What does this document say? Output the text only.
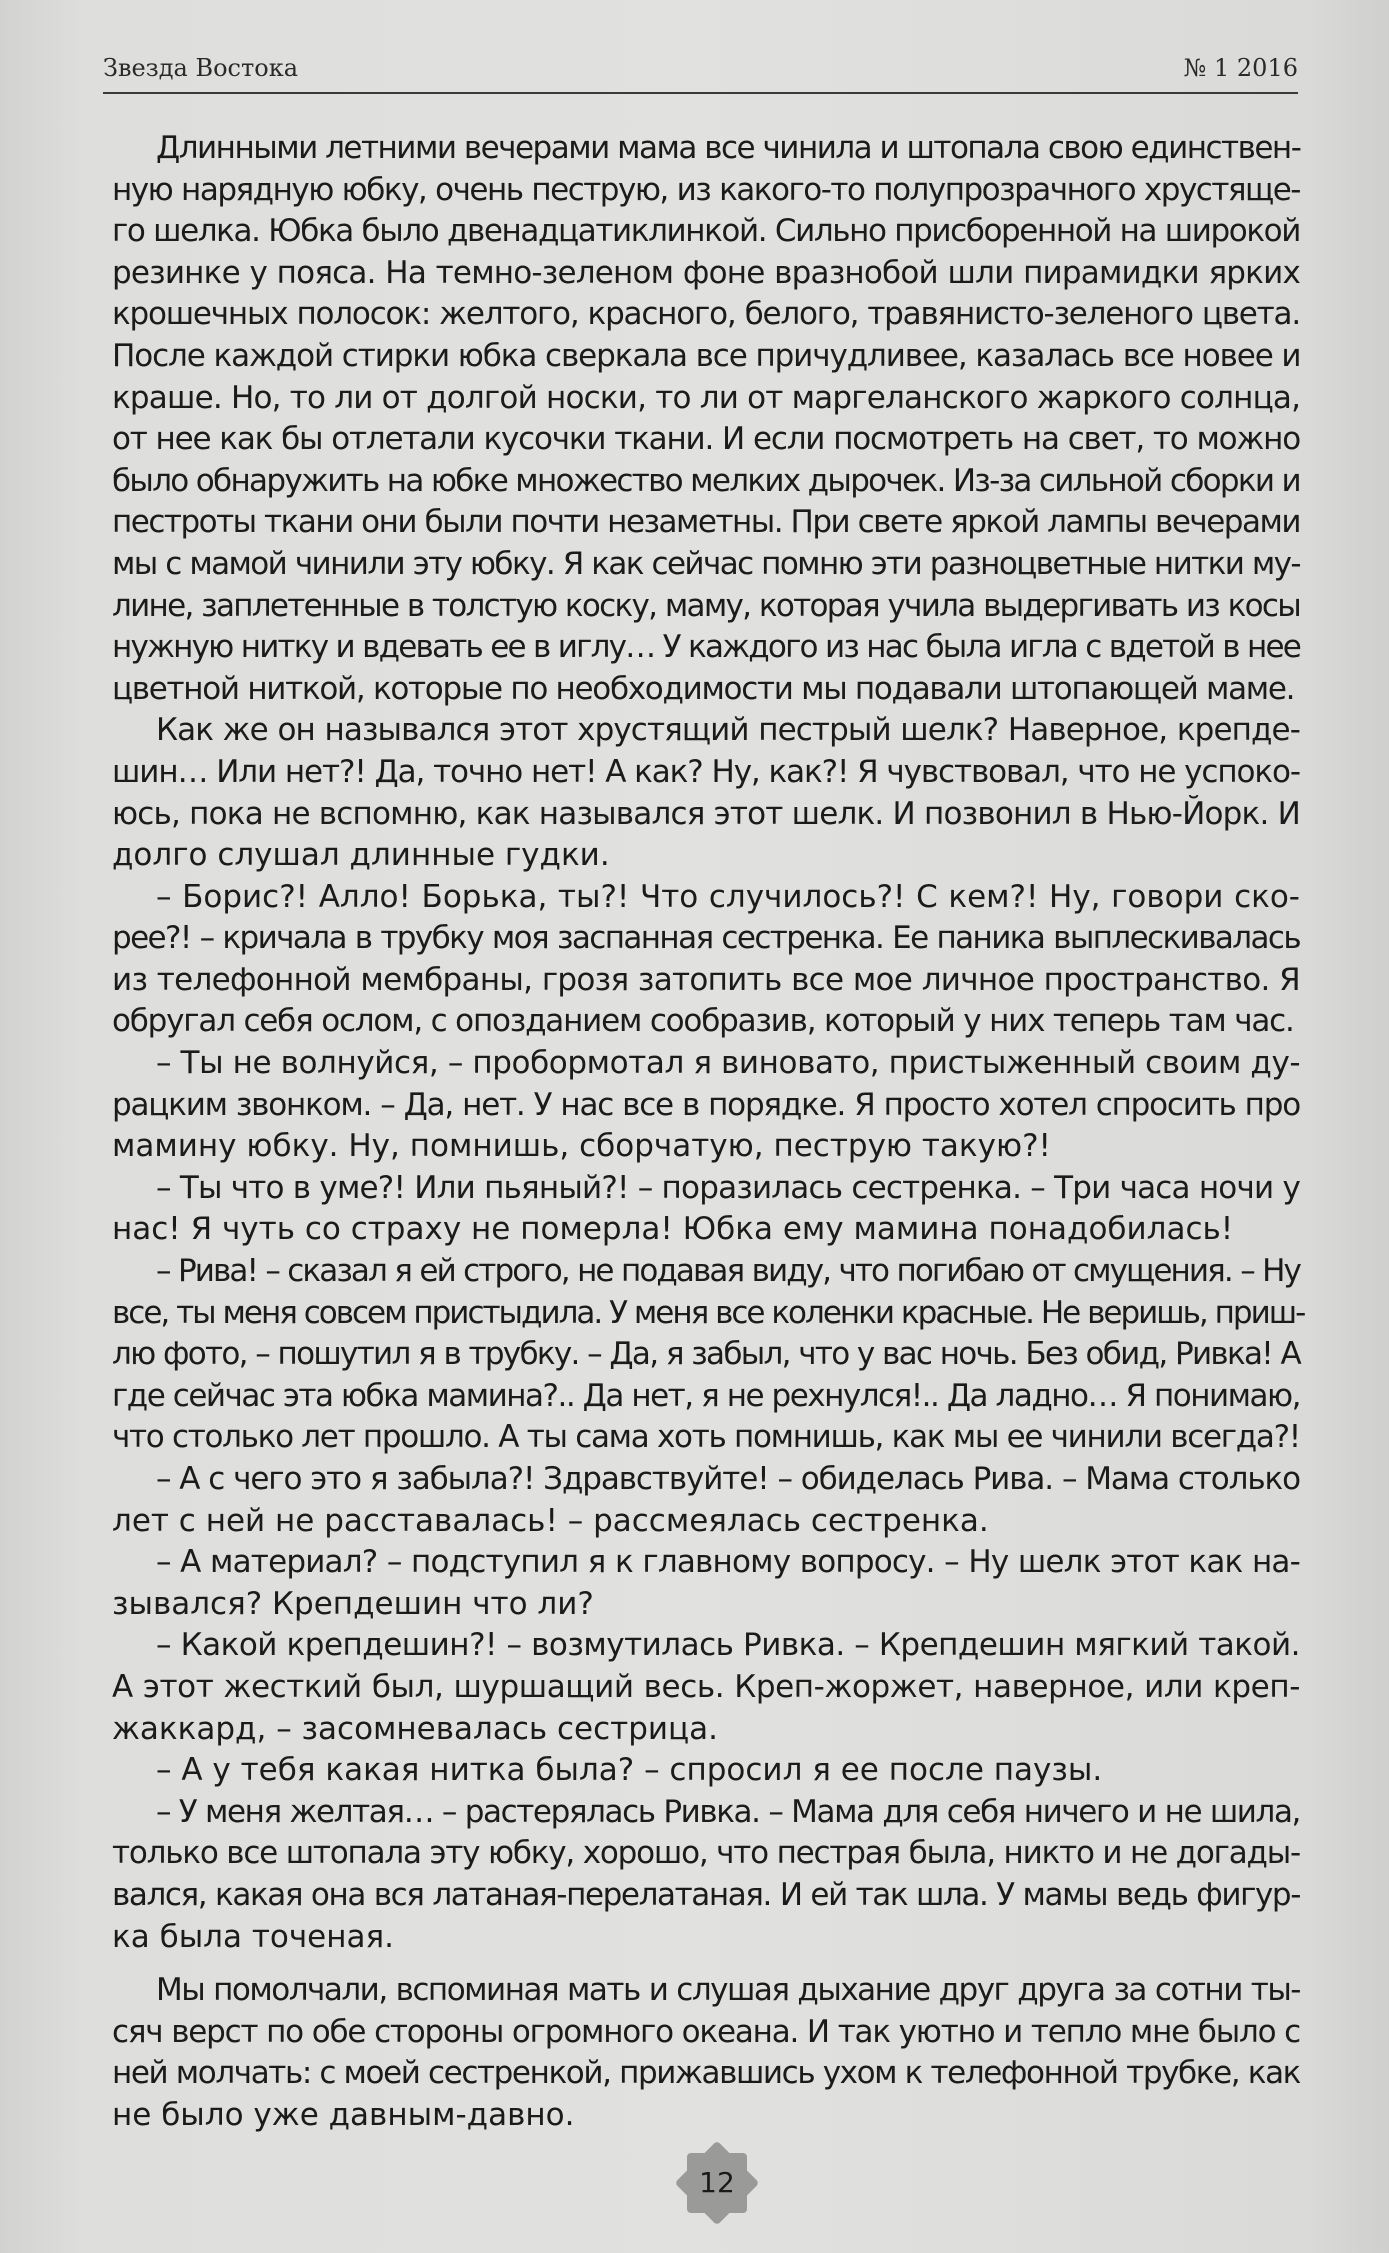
Звезда Востока	№ 1 2016
Длинными летними вечерами мама все чинила и штопала свою единствен-
ную нарядную юбку, очень пеструю, из какого-то полупрозрачного хрустяще-
го шелка. Юбка было двенадцатиклинкой. Сильно присборенной на широкой
резинке у пояса. На темно-зеленом фоне вразнобой шли пирамидки ярких
крошечных полосок: желтого, красного, белого, травянисто-зеленого цвета.
После каждой стирки юбка сверкала все причудливее, казалась все новее и
краше. Но, то ли от долгой носки, то ли от маргеланского жаркого солнца,
от нее как бы отлетали кусочки ткани. И если посмотреть на свет, то можно
было обнаружить на юбке множество мелких дырочек. Из-за сильной сборки и
пестроты ткани они были почти незаметны. При свете яркой лампы вечерами
мы с мамой чинили эту юбку. Я как сейчас помню эти разноцветные нитки му-
лине, заплетенные в толстую коску, маму, которая учила выдергивать из косы
нужную нитку и вдевать ее в иглу… У каждого из нас была игла с вдетой в нее
цветной ниткой, которые по необходимости мы подавали штопающей маме.
Как же он назывался этот хрустящий пестрый шелк? Наверное, крепде-
шин… Или нет?! Да, точно нет! А как? Ну, как?! Я чувствовал, что не успоко-
юсь, пока не вспомню, как назывался этот шелк. И позвонил в Нью-Йорк. И
долго слушал длинные гудки.
– Борис?! Алло! Борька, ты?! Что случилось?! С кем?! Ну, говори ско-
рее?! – кричала в трубку моя заспанная сестренка. Ее паника выплескивалась
из телефонной мембраны, грозя затопить все мое личное пространство. Я
обругал себя ослом, с опозданием сообразив, который у них теперь там час.
– Ты не волнуйся, – пробормотал я виновато, пристыженный своим ду-
рацким звонком. – Да, нет. У нас все в порядке. Я просто хотел спросить про
мамину юбку. Ну, помнишь, сборчатую, пеструю такую?!
– Ты что в уме?! Или пьяный?! – поразилась сестренка. – Три часа ночи у
нас! Я чуть со страху не померла! Юбка ему мамина понадобилась!
– Рива! – сказал я ей строго, не подавая виду, что погибаю от смущения. – Ну
все, ты меня совсем пристыдила. У меня все коленки красные. Не веришь, приш-
лю фото, – пошутил я в трубку. – Да, я забыл, что у вас ночь. Без обид, Ривка! А
где сейчас эта юбка мамина?.. Да нет, я не рехнулся!.. Да ладно… Я понимаю,
что столько лет прошло. А ты сама хоть помнишь, как мы ее чинили всегда?!
– А с чего это я забыла?! Здравствуйте! – обиделась Рива. – Мама столько
лет с ней не расставалась! – рассмеялась сестренка.
– А материал? – подступил я к главному вопросу. – Ну шелк этот как на-
зывался? Крепдешин что ли?
– Какой крепдешин?! – возмутилась Ривка. – Крепдешин мягкий такой.
А этот жесткий был, шуршащий весь. Креп-жоржет, наверное, или креп-
жаккард, – засомневалась сестрица.
– А у тебя какая нитка была? – спросил я ее после паузы.
– У меня желтая… – растерялась Ривка. – Мама для себя ничего и не шила,
только все штопала эту юбку, хорошо, что пестрая была, никто и не догады-
вался, какая она вся латаная-перелатаная. И ей так шла. У мамы ведь фигур-
ка была точеная.
Мы помолчали, вспоминая мать и слушая дыхание друг друга за сотни ты-
сяч верст по обе стороны огромного океана. И так уютно и тепло мне было с
ней молчать: с моей сестренкой, прижавшись ухом к телефонной трубке, как
не было уже давным-давно.
12
